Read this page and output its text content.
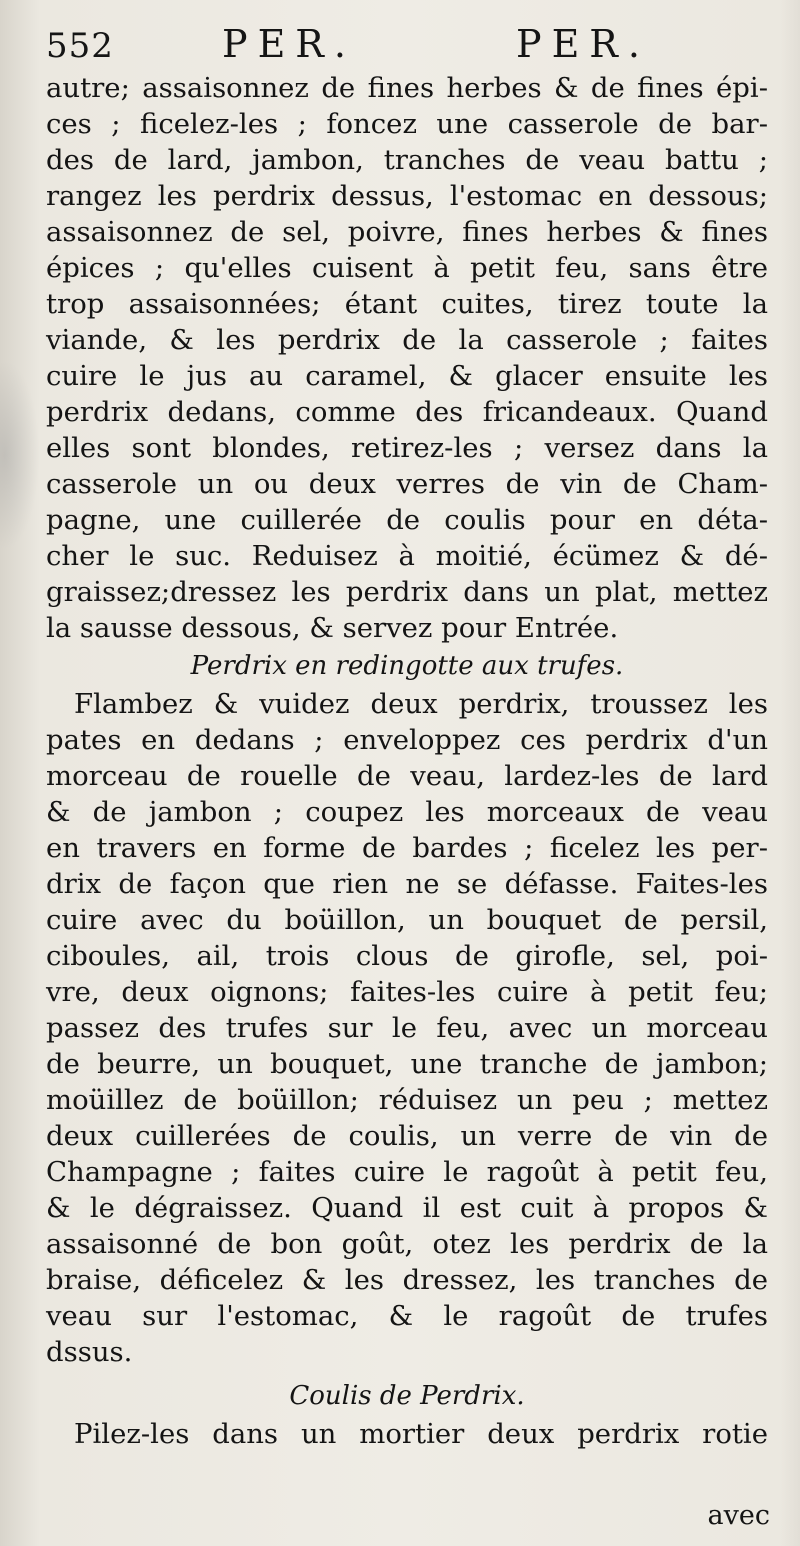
552	PER.	PER.
autre; assaisonnez de fines herbes & de fines épi-
ces ; ficelez-les ; foncez une casserole de bar-
des de lard, jambon, tranches de veau battu ;
rangez les perdrix dessus, l'estomac en dessous;
assaisonnez de sel, poivre, fines herbes & fines
épices ; qu'elles cuisent à petit feu, sans être
trop assaisonnées; étant cuites, tirez toute la
viande, & les perdrix de la casserole ; faites
cuire le jus au caramel, & glacer ensuite les
perdrix dedans, comme des fricandeaux. Quand
elles sont blondes, retirez-les ; versez dans la
casserole un ou deux verres de vin de Cham-
pagne, une cuillerée de coulis pour en déta-
cher le suc. Reduisez à moitié, écümez & dé-
graissez;dressez les perdrix dans un plat, mettez
la sausse dessous, & servez pour Entrée.
Perdrix en redingotte aux trufes.
Flambez & vuidez deux perdrix, troussez les
pates en dedans ; enveloppez ces perdrix d'un
morceau de rouelle de veau, lardez-les de lard
& de jambon ; coupez les morceaux de veau
en travers en forme de bardes ; ficelez les per-
drix de façon que rien ne se défasse. Faites-les
cuire avec du boüillon, un bouquet de persil,
ciboules, ail, trois clous de girofle, sel, poi-
vre, deux oignons; faites-les cuire à petit feu;
passez des trufes sur le feu, avec un morceau
de beurre, un bouquet, une tranche de jambon;
moüillez de boüillon; réduisez un peu ; mettez
deux cuillerées de coulis, un verre de vin de
Champagne ; faites cuire le ragoût à petit feu,
& le dégraissez. Quand il est cuit à propos &
assaisonné de bon goût, otez les perdrix de la
braise, déficelez & les dressez, les tranches de
veau sur l'estomac, & le ragoût de trufes
dssus.
Coulis de Perdrix.
Pilez-les dans un mortier deux perdrix rotie
avec
